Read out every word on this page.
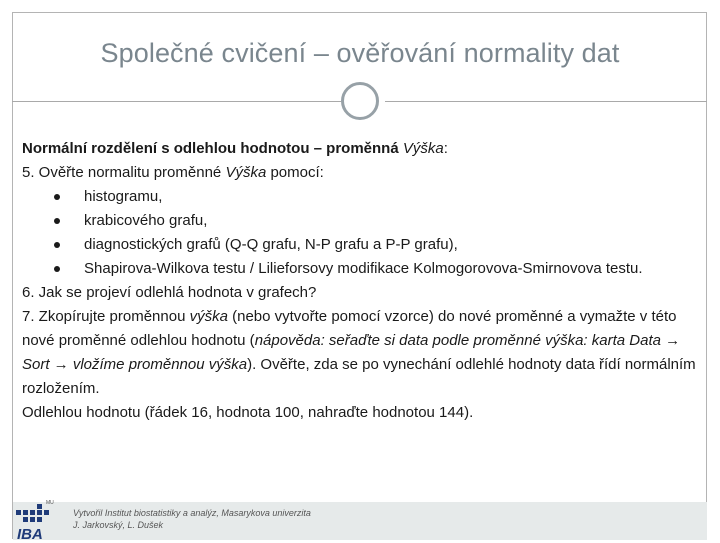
Společné cvičení – ověřování normality dat

Normální rozdělení s odlehlou hodnotou – proměnná Výška:

5. Ověřte normalitu proměnné Výška pomocí:

histogramu,
krabicového grafu,
diagnostických grafů (Q-Q grafu, N-P grafu a P-P grafu),
Shapirova-Wilkova testu / Lilieforsovy modifikace Kolmogorovova-Smirnovova testu.

6. Jak se projeví odlehlá hodnota v grafech?

7. Zkopírujte proměnnou výška (nebo vytvořte pomocí vzorce) do nové proměnné a vymažte v této nové proměnné odlehlou hodnotu (nápověda: seřaďte si data podle proměnné výška: karta Data → Sort → vložíme proměnnou výška). Ověřte, zda se po vynechání odlehlé hodnoty data řídí normálním rozložením.

Odlehlou hodnotu (řádek 16, hodnota 100, nahraďte hodnotou 144).

MU
IBA
Vytvořil Institut biostatistiky a analýz, Masarykova univerzita
J. Jarkovský, L. Dušek
